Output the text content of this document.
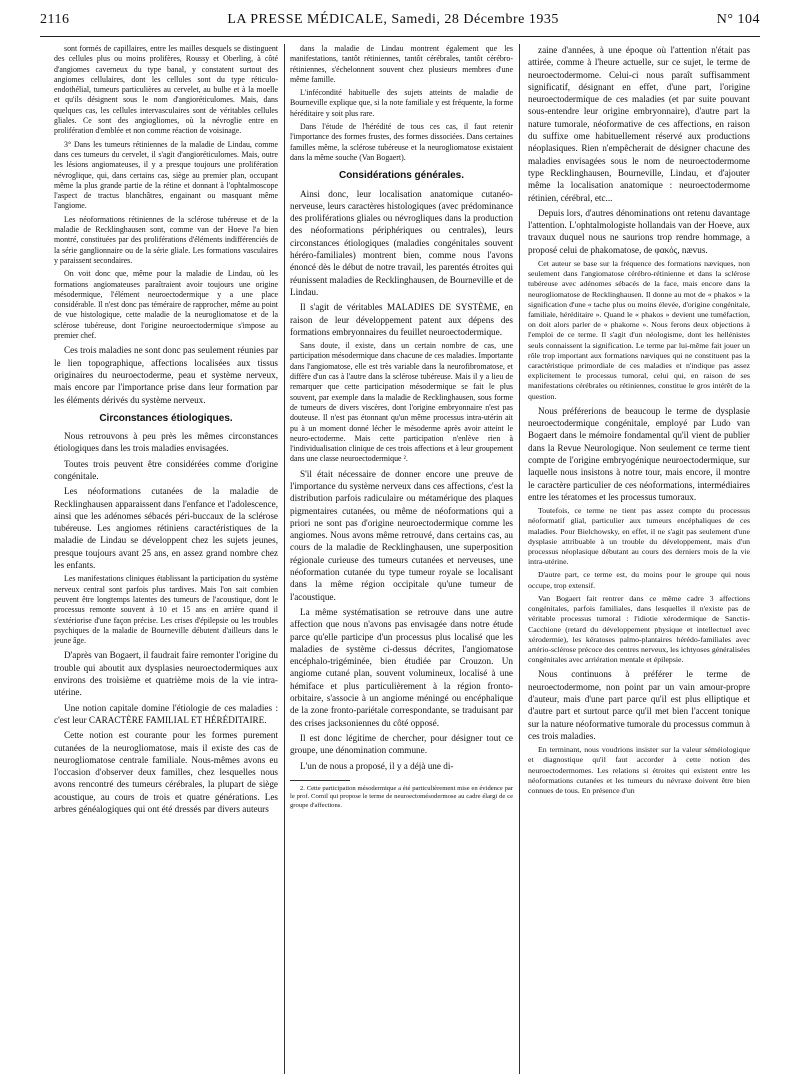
2116	LA PRESSE MÉDICALE, Samedi, 28 Décembre 1935	N° 104

sont formés de capillaires, entre les mailles desquels se distinguent des cellules plus ou moins prolifères, Roussy et Oberling, à côté d'angiomes caverneux du type banal, y constatent surtout des angiomes cellulaires, dont les cellules sont du type réticulo-endothélial, tumeurs particulières au cervelet, au bulbe et à la moelle et qu'ils désignent sous le nom d'angioréticulomes. Mais, dans quelques cas, les cellules intervasculaires sont de véritables cellules gliales. Ce sont des angiogliomes, où la névroglie entre en prolifération d'emblée et non comme réaction de voisinage.

3° Dans les tumeurs rétiniennes de la maladie de Lindau, comme dans ces tumeurs du cervelet, il s'agit d'angioréticulomes. Mais, outre les lésions angiomateuses, il y a presque toujours une prolifération névroglique, qui, dans certains cas, siège au premier plan, occupant même la plus grande partie de la rétine et donnant à l'ophtalmoscope l'aspect de tractus blanchâtres, engainant ou masquant même l'angiome.

Les néoformations rétiniennes de la sclérose tubéreuse et de la maladie de Recklinghausen sont, comme van der Hoeve l'a bien montré, constituées par des proliférations d'éléments indifférenciés de la série ganglionnaire ou de la série gliale. Les formations vasculaires y paraissent secondaires.

On voit donc que, même pour la maladie de Lindau, où les formations angiomateuses paraîtraient avoir toujours une origine mésodermique, l'élément neuroectodermique y a une place considérable. Il n'est donc pas téméraire de rapprocher, même au point de vue histologique, cette maladie de la neurogliomatose et de la sclérose tubéreuse, dont l'origine neuroectodermique s'impose au premier chef.

Ces trois maladies ne sont donc pas seulement réunies par le lien topographique, affections localisées aux tissus originaires du neuroectoderme, peau et système nerveux, mais encore par l'importance prise dans leur formation par les éléments dérivés du système nerveux.

Circonstances étiologiques.

Nous retrouvons à peu près les mêmes circonstances étiologiques dans les trois maladies envisagées.

Toutes trois peuvent être considérées comme d'origine congénitale.

Les néoformations cutanées de la maladie de Recklinghausen apparaissent dans l'enfance et l'adolescence, ainsi que les adénomes sébacés péri-buccaux de la sclérose tubéreuse. Les angiomes rétiniens caractéristiques de la maladie de Lindau se développent chez les sujets jeunes, presque toujours avant 25 ans, en assez grand nombre chez les enfants.

Les manifestations cliniques établissant la participation du système nerveux central sont parfois plus tardives. Mais l'on sait combien peuvent être longtemps latentes des tumeurs de l'acoustique, dont le processus remonte souvent à 10 et 15 ans en arrière quand il s'extériorise d'une façon précise. Les crises d'épilepsie ou les troubles psychiques de la maladie de Bourneville débutent d'ailleurs dans le jeune âge.

D'après van Bogaert, il faudrait faire remonter l'origine du trouble qui aboutit aux dysplasies neuroectodermiques aux environs des troisième et quatrième mois de la vie intra-utérine.

Une notion capitale domine l'étiologie de ces maladies : c'est leur CARACTÈRE FAMILIAL ET HÉRÉDITAIRE.

Cette notion est courante pour les formes purement cutanées de la neurogliomatose, mais il existe des cas de neurogliomatose centrale familiale. Nous-mêmes avons eu l'occasion d'observer deux familles, chez lesquelles nous avons rencontré des tumeurs cérébrales, la plupart de siège acoustique, au cours de trois et quatre générations. Les arbres généalogiques qui ont été dressés par divers auteurs

dans la maladie de Lindau montrent également que les manifestations, tantôt rétiniennes, tantôt cérébrales, tantôt cérébro-rétiniennes, s'échelonnent souvent chez plusieurs membres d'une même famille.

L'infécondité habituelle des sujets atteints de maladie de Bourneville explique que, si la note familiale y est fréquente, la forme héréditaire y soit plus rare.

Dans l'étude de l'hérédité de tous ces cas, il faut retenir l'importance des formes frustes, des formes dissociées. Dans certaines familles même, la sclérose tubéreuse et la neurogliomatose existaient dans la même souche (Van Bogaert).

Considérations générales.

Ainsi donc, leur localisation anatomique cutanéo-nerveuse, leurs caractères histologiques (avec prédominance des proliférations gliales ou névrogliques dans la production des néoformations périphériques ou centrales), leurs circonstances étiologiques (maladies congénitales souvent héréro-familiales) montrent bien, comme nous l'avons énoncé dès le début de notre travail, les parentés étroites qui réunissent maladies de Recklinghausen, de Bourneville et de Lindau.

Il s'agit de véritables MALADIES DE SYSTÈME, en raison de leur développement patent aux dépens des formations embryonnaires du feuillet neuroectodermique.

Sans doute, il existe, dans un certain nombre de cas, une participation mésodermique dans chacune de ces maladies. Importante dans l'angiomatose, elle est très variable dans la neurofibromatose, et diffère d'un cas à l'autre dans la sclérose tubéreuse. Mais il y a lieu de remarquer que cette participation mésodermique se fait le plus souvent, par exemple dans la maladie de Recklinghausen, sous forme de tumeurs de divers viscères, dont l'origine embryonnaire n'est pas douteuse. Il n'est pas étonnant qu'un même processus intra-utérin ait pu à un moment donné lécher le mésoderme après avoir atteint le neuro-ectoderme. Mais cette participation n'enlève rien à l'individualisation clinique de ces trois affections et à leur groupement dans une classe neuroectodermique ².

S'il était nécessaire de donner encore une preuve de l'importance du système nerveux dans ces affections, c'est la distribution parfois radiculaire ou métamérique des plaques pigmentaires cutanées, ou même de néoformations qui a priori ne sont pas d'origine neuroectodermique comme les angiomes. Nous avons même retrouvé, dans certains cas, au cours de la maladie de Recklinghausen, une superposition régionale curieuse des tumeurs cutanées et nerveuses, une néoformation cutanée du type tumeur royale se localisant dans la même région occipitale qu'une tumeur de l'acoustique.

La même systématisation se retrouve dans une autre affection que nous n'avons pas envisagée dans notre étude parce qu'elle participe d'un processus plus localisé que les maladies de système ci-dessus décrites, l'angiomatose encéphalo-trigéminée, bien étudiée par Crouzon. Un angiome cutané plan, souvent volumineux, localisé à une hémiface et plus particulièrement à la région fronto-orbitaire, s'associe à un angiome méningé ou encéphalique de la zone fronto-pariétale correspondante, se traduisant par des crises jacksoniennes du côté opposé.

Il est donc légitime de chercher, pour désigner tout ce groupe, une dénomination commune.

L'un de nous a proposé, il y a déjà une di-

2. Cette participation mésodermique a été particulièrement mise en évidence par le prof. Cornil qui propose le terme de neuroectomésodermose au cadre élargi de ce groupe d'affections.

zaine d'années, à une époque où l'attention n'était pas attirée, comme à l'heure actuelle, sur ce sujet, le terme de neuroectodermome. Celui-ci nous paraît suffisamment significatif, désignant en effet, d'une part, l'origine neuroectodermique de ces maladies (et par suite pouvant sous-entendre leur origine embryonnaire), d'autre part la nature tumorale, néoformative de ces affections, en raison du suffixe ome habituellement réservé aux productions néoplasiques. Rien n'empêcherait de désigner chacune des maladies envisagées sous le nom de neuroectodermome type Recklinghausen, Bourneville, Lindau, et d'ajouter même la localisation anatomique : neuroectodermome rétinien, cérébral, etc...

Depuis lors, d'autres dénominations ont retenu davantage l'attention. L'ophtalmologiste hollandais van der Hoeve, aux travaux duquel nous ne saurions trop rendre hommage, a proposé celui de phakomatose, de φακός, nævus.

Cet auteur se base sur la fréquence des formations næviques, non seulement dans l'angiomatose cérébro-rétinienne et dans la sclérose tubéreuse avec adénomes sébacés de la face, mais encore dans la neurogliomatose de Recklinghausen. Il donne au mot de « phakos » la signification d'une « tache plus ou moins élevée, d'origine congénitale, familiale, héréditaire ». Quand le « phakos » devient une tuméfaction, on doit alors parler de « phakome ». Nous ferons deux objections à l'emploi de ce terme. Il s'agit d'un néologisme, dont les hellénistes seuls connaissent la signification. Le terme par lui-même fait jouer un rôle trop important aux formations næviques qui ne constituent pas la caractéristique primordiale de ces maladies et n'indique pas assez explicitement le processus tumoral, celui qui, en raison de ses manifestations cérébrales ou rétiniennes, constitue le gros intérêt de la question.

Nous préférerions de beaucoup le terme de dysplasie neuroectodermique congénitale, employé par Ludo van Bogaert dans le mémoire fondamental qu'il vient de publier dans la Revue Neurologique. Non seulement ce terme tient compte de l'origine embryogénique neuroectodermique, sur laquelle nous insistons à notre tour, mais encore, il montre le caractère particulier de ces néoformations, intermédiaires entre les tératomes et les processus tumoraux.

Toutefois, ce terme ne tient pas assez compte du processus néoformatif glial, particulier aux tumeurs encéphaliques de ces maladies. Pour Bielchowsky, en effet, il ne s'agit pas seulement d'une dysplasie attribuable à un trouble du développement, mais d'un processus néoplasique débutant au cours des derniers mois de la vie intra-utérine.

D'autre part, ce terme est, du moins pour le groupe qui nous occupe, trop extensif.

Van Bogaert fait rentrer dans ce même cadre 3 affections congénitales, parfois familiales, dans lesquelles il n'existe pas de véritable processus tumoral : l'idiotie xérodermique de Sanctis-Cacchione (retard du développement physique et intellectuel avec xérodermie), les kératoses palmo-plantaires hérédo-familiales avec artério-sclérose précoce des centres nerveux, les ichtyoses généralisées congénitales avec arriération mentale et épilepsie.

Nous continuons à préférer le terme de neuroectodermome, non point par un vain amour-propre d'auteur, mais d'une part parce qu'il est plus elliptique et d'autre part et surtout parce qu'il met bien l'accent tonique sur la nature néoformative tumorale du processus commun à ces trois maladies.

En terminant, nous voudrions insister sur la valeur séméiologique et diagnostique qu'il faut accorder à cette notion des neuroectodermomes. Les relations si étroites qui existent entre les néoformations cutanées et les tumeurs du névraxe doivent être bien connues de tous. En présence d'un
